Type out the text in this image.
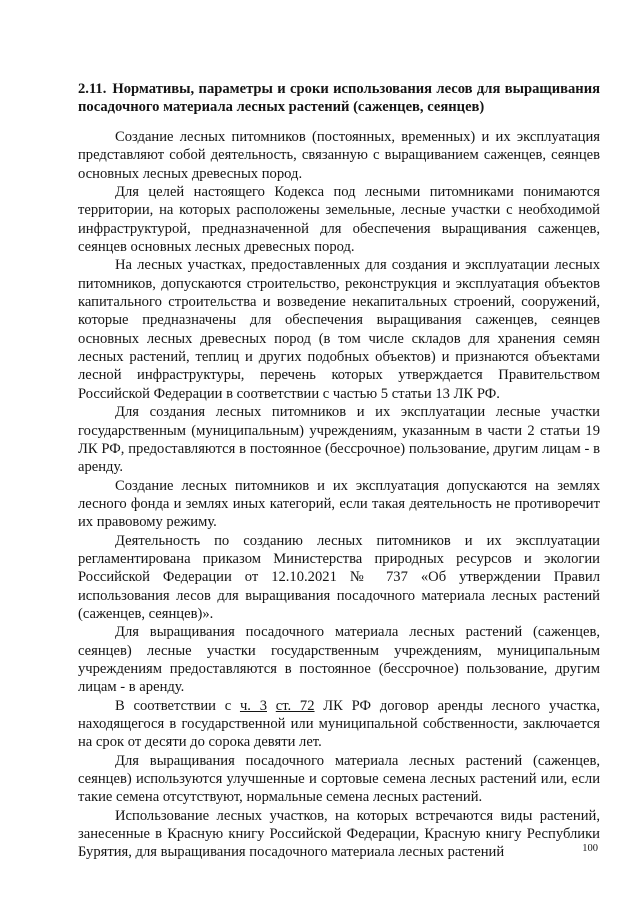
2.11. Нормативы, параметры и сроки использования лесов для выращивания посадочного материала лесных растений (саженцев, сеянцев)

Создание лесных питомников (постоянных, временных) и их эксплуатация представляют собой деятельность, связанную с выращиванием саженцев, сеянцев основных лесных древесных пород.

Для целей настоящего Кодекса под лесными питомниками понимаются территории, на которых расположены земельные, лесные участки с необходимой инфраструктурой, предназначенной для обеспечения выращивания саженцев, сеянцев основных лесных древесных пород.

На лесных участках, предоставленных для создания и эксплуатации лесных питомников, допускаются строительство, реконструкция и эксплуатация объектов капитального строительства и возведение некапитальных строений, сооружений, которые предназначены для обеспечения выращивания саженцев, сеянцев основных лесных древесных пород (в том числе складов для хранения семян лесных растений, теплиц и других подобных объектов) и признаются объектами лесной инфраструктуры, перечень которых утверждается Правительством Российской Федерации в соответствии с частью 5 статьи 13 ЛК РФ.

Для создания лесных питомников и их эксплуатации лесные участки государственным (муниципальным) учреждениям, указанным в части 2 статьи 19 ЛК РФ, предоставляются в постоянное (бессрочное) пользование, другим лицам - в аренду.

Создание лесных питомников и их эксплуатация допускаются на землях лесного фонда и землях иных категорий, если такая деятельность не противоречит их правовому режиму.

Деятельность по созданию лесных питомников и их эксплуатации регламентирована приказом Министерства природных ресурсов и экологии Российской Федерации от 12.10.2021 № 737 «Об утверждении Правил использования лесов для выращивания посадочного материала лесных растений (саженцев, сеянцев)».

Для выращивания посадочного материала лесных растений (саженцев, сеянцев) лесные участки государственным учреждениям, муниципальным учреждениям предоставляются в постоянное (бессрочное) пользование, другим лицам - в аренду.

В соответствии с ч. 3 ст. 72 ЛК РФ договор аренды лесного участка, находящегося в государственной или муниципальной собственности, заключается на срок от десяти до сорока девяти лет.

Для выращивания посадочного материала лесных растений (саженцев, сеянцев) используются улучшенные и сортовые семена лесных растений или, если такие семена отсутствуют, нормальные семена лесных растений.

Использование лесных участков, на которых встречаются виды растений, занесенные в Красную книгу Российской Федерации, Красную книгу Республики Бурятия, для выращивания посадочного материала лесных растений	100
